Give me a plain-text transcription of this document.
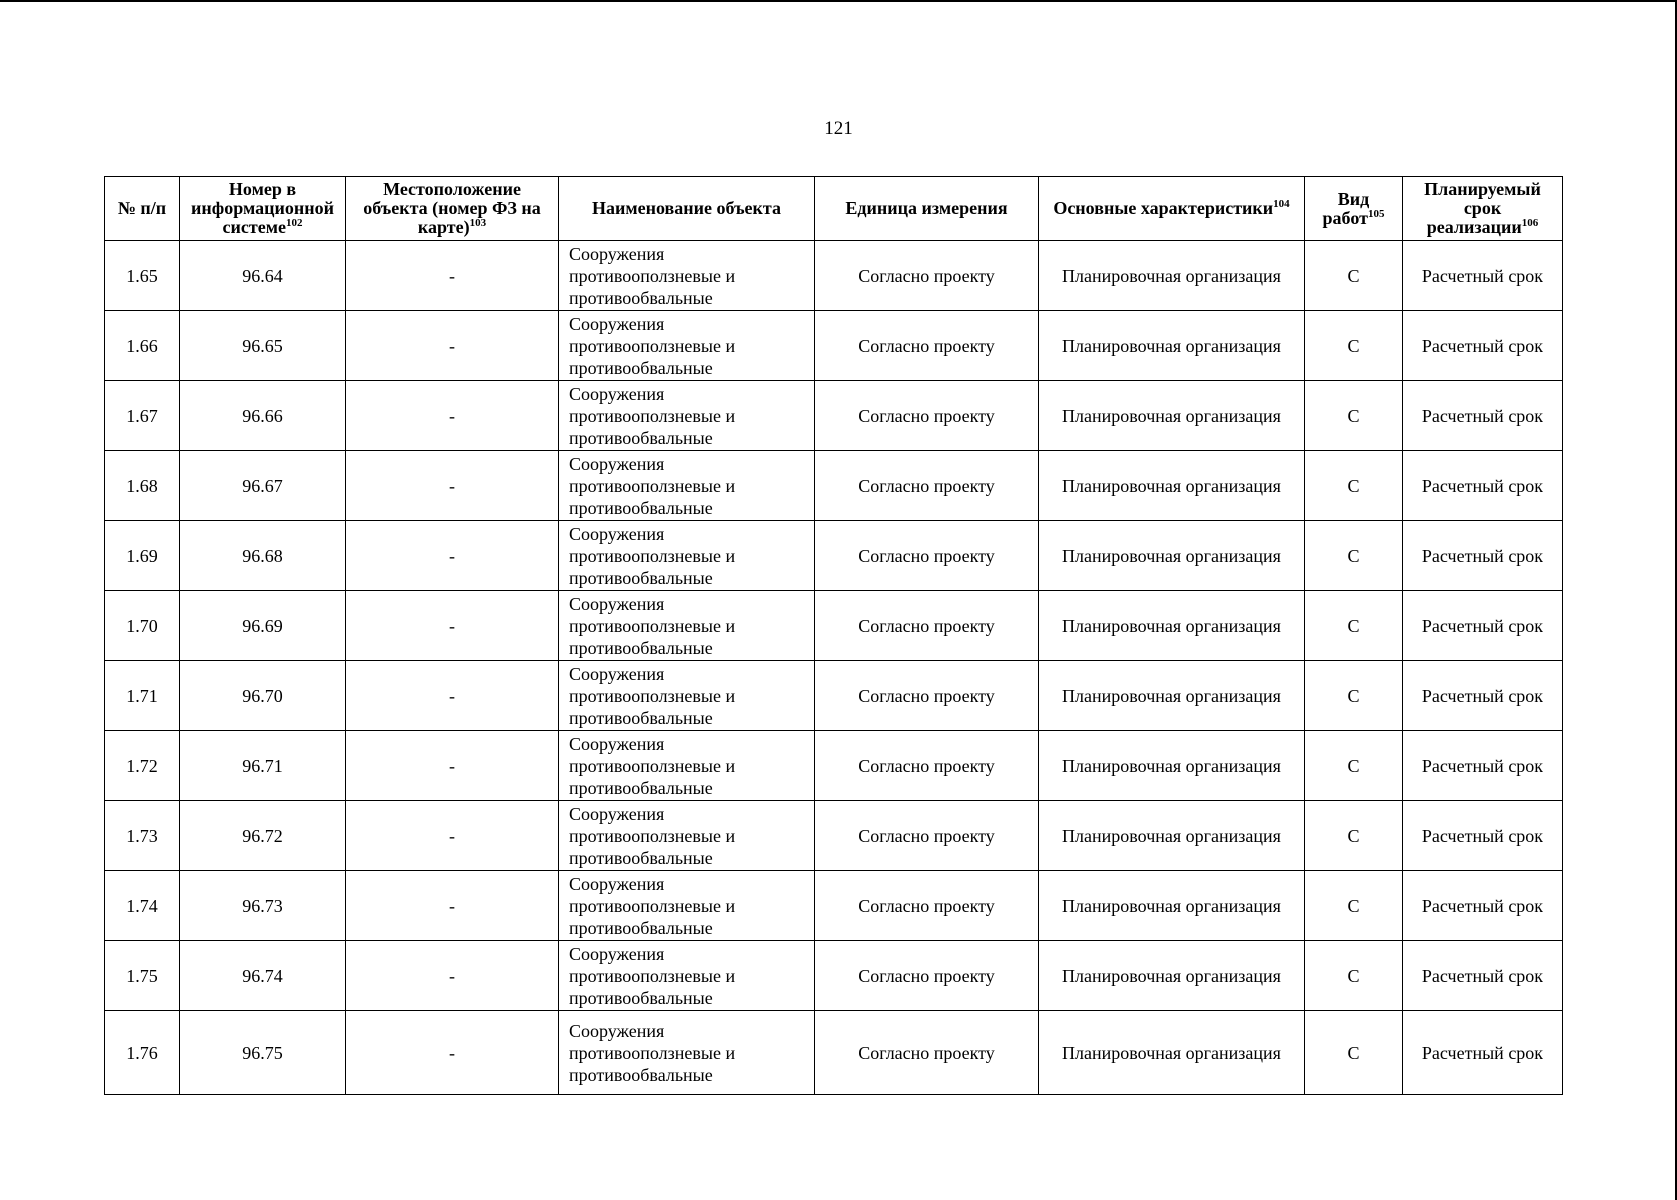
121
№ п/п	Номер в информационной системе$^{102}$	Местоположение объекта (номер ФЗ на карте)$^{103}$	Наименование объекта	Единица измерения	Основные характеристики$^{104}$	Вид работ$^{105}$	Планируемый срок реализации$^{106}$
1.65	96.64	-	Сооружения противооползневые и противообвальные	Согласно проекту	Планировочная организация	С	Расчетный срок
1.66	96.65	-	Сооружения противооползневые и противообвальные	Согласно проекту	Планировочная организация	С	Расчетный срок
1.67	96.66	-	Сооружения противооползневые и противообвальные	Согласно проекту	Планировочная организация	С	Расчетный срок
1.68	96.67	-	Сооружения противооползневые и противообвальные	Согласно проекту	Планировочная организация	С	Расчетный срок
1.69	96.68	-	Сооружения противооползневые и противообвальные	Согласно проекту	Планировочная организация	С	Расчетный срок
1.70	96.69	-	Сооружения противооползневые и противообвальные	Согласно проекту	Планировочная организация	С	Расчетный срок
1.71	96.70	-	Сооружения противооползневые и противообвальные	Согласно проекту	Планировочная организация	С	Расчетный срок
1.72	96.71	-	Сооружения противооползневые и противообвальные	Согласно проекту	Планировочная организация	С	Расчетный срок
1.73	96.72	-	Сооружения противооползневые и противообвальные	Согласно проекту	Планировочная организация	С	Расчетный срок
1.74	96.73	-	Сооружения противооползневые и противообвальные	Согласно проекту	Планировочная организация	С	Расчетный срок
1.75	96.74	-	Сооружения противооползневые и противообвальные	Согласно проекту	Планировочная организация	С	Расчетный срок
1.76	96.75	-	Сооружения противооползневые и противообвальные	Согласно проекту	Планировочная организация	С	Расчетный срок
